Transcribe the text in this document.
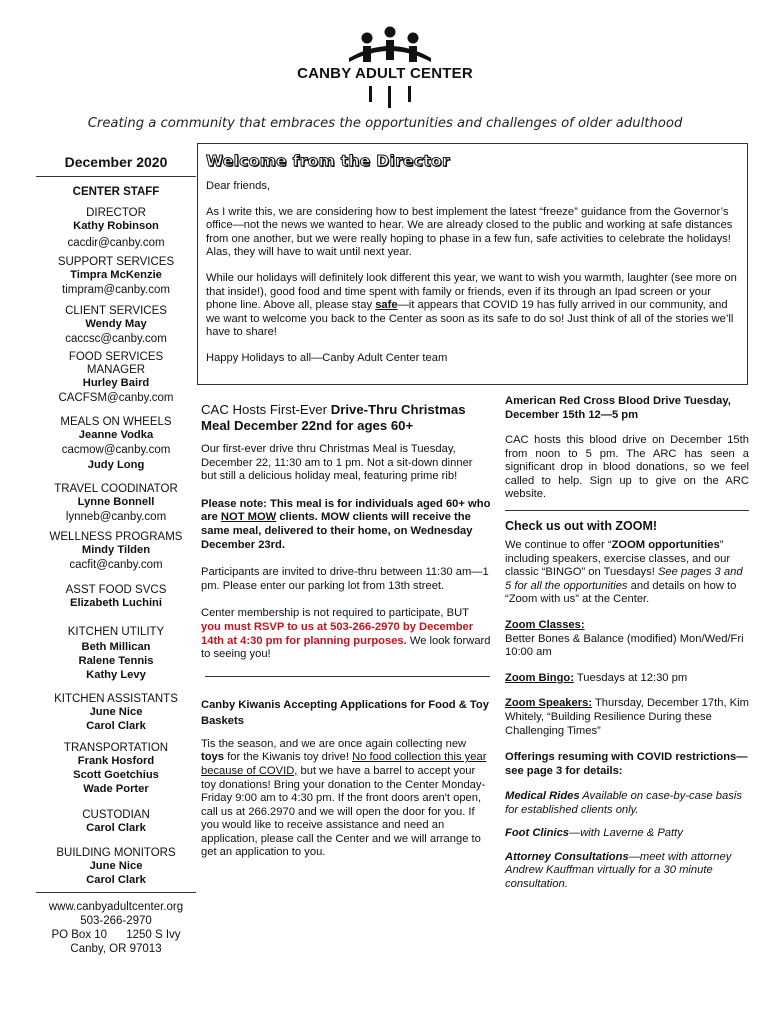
CANBY ADULT CENTER
Creating a community that embraces the opportunities and challenges of older adulthood
December 2020
CENTER STAFF
DIRECTOR
Kathy Robinson
cacdir@canby.com
SUPPORT SERVICES
Timpra McKenzie
timpram@canby.com
CLIENT SERVICES
Wendy May
caccsc@canby.com
FOOD SERVICES MANAGER
Hurley Baird
CACFSM@canby.com
MEALS ON WHEELS
Jeanne Vodka
cacmow@canby.com
Judy Long
TRAVEL COODINATOR
Lynne Bonnell
lynneb@canby.com
WELLNESS PROGRAMS
Mindy Tilden
cacfit@canby.com
ASST FOOD SVCS
Elizabeth Luchini
KITCHEN UTILITY
Beth Millican
Ralene Tennis
Kathy Levy
KITCHEN ASSISTANTS
June Nice
Carol Clark
TRANSPORTATION
Frank Hosford
Scott Goetchius
Wade Porter
CUSTODIAN
Carol Clark
BUILDING MONITORS
June Nice
Carol Clark
www.canbyadultcenter.org
503-266-2970
PO Box 10      1250 S Ivy
Canby, OR 97013
Welcome from the Director

Dear friends,

As I write this, we are considering how to best implement the latest “freeze” guidance from the Governor’s office—not the news we wanted to hear. We are already closed to the public and working at safe distances from one another, but we were really hoping to phase in a few fun, safe activities to celebrate the holidays! Alas, they will have to wait until next year.

While our holidays will definitely look different this year, we want to wish you warmth, laughter (see more on that inside!), good food and time spent with family or friends, even if its through an Ipad screen or your phone line. Above all, please stay safe—it appears that COVID 19 has fully arrived in our community, and we want to welcome you back to the Center as soon as its safe to do so! Just think of all of the stories we’ll have to share!

Happy Holidays to all—Canby Adult Center team

CAC Hosts First-Ever Drive-Thru Christmas Meal December 22nd for ages 60+

Our first-ever drive thru Christmas Meal is Tuesday, December 22, 11:30 am to 1 pm. Not a sit-down dinner but still a delicious holiday meal, featuring prime rib!

Please note: This meal is for individuals aged 60+ who are NOT MOW clients. MOW clients will receive the same meal, delivered to their home, on Wednesday December 23rd.

Participants are invited to drive-thru between 11:30 am—1 pm. Please enter our parking lot from 13th street.

Center membership is not required to participate, BUT you must RSVP to us at 503-266-2970 by December 14th at 4:30 pm for planning purposes. We look forward to seeing you!

Canby Kiwanis Accepting Applications for Food & Toy Baskets

Tis the season, and we are once again collecting new toys for the Kiwanis toy drive! No food collection this year because of COVID, but we have a barrel to accept your toy donations! Bring your donation to the Center Monday-Friday 9:00 am to 4:30 pm. If the front doors aren't open, call us at 266.2970 and we will open the door for you. If you would like to receive assistance and need an application, please call the Center and we will arrange to get an application to you.

American Red Cross Blood Drive Tuesday, December 15th 12—5 pm

CAC hosts this blood drive on December 15th from noon to 5 pm. The ARC has seen a significant drop in blood donations, so we feel called to help. Sign up to give on the ARC website.

Check us out with ZOOM!

We continue to offer “ZOOM opportunities” including speakers, exercise classes, and our classic “BINGO” on Tuesdays! See pages 3 and 5 for all the opportunities and details on how to “Zoom with us” at the Center.

Zoom Classes:
Better Bones & Balance (modified) Mon/Wed/Fri 10:00 am
Zoom Bingo: Tuesdays at 12:30 pm
Zoom Speakers: Thursday, December 17th, Kim Whitely, “Building Resilience During these Challenging Times”
Offerings resuming with COVID restrictions—see page 3 for details:
Medical Rides Available on case-by-case basis for established clients only.
Foot Clinics—with Laverne & Patty
Attorney Consultations—meet with attorney Andrew Kauffman virtually for a 30 minute consultation.
